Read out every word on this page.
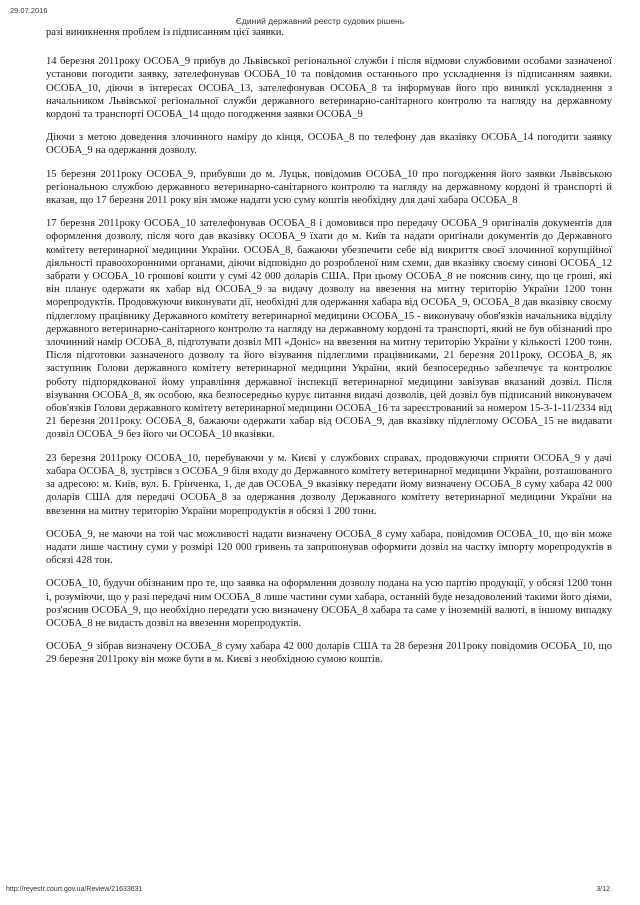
29.07.2016
Єдиний державний реєстр судових рішень

разі виникнення проблем із підписанням цієї заявки.

14 березня 2011року ОСОБА_9 прибув до Львівської регіональної служби і після відмови службовими особами зазначеної установи погодити заявку, зателефонував ОСОБА_10 та повідомив останнього про ускладнення із підписанням заявки. ОСОБА_10, діючи в інтересах ОСОБА_13, зателефонував ОСОБА_8 та інформував його про виниклі ускладнення з начальником Львівської регіональної служби державного ветеринарно-санітарного контролю та нагляду на державному кордоні та транспорті ОСОБА_14 щодо погодження заявки ОСОБА_9

Діючи з метою доведення злочинного наміру до кінця, ОСОБА_8 по телефону дав вказівку ОСОБА_14 погодити заявку ОСОБА_9 на одержання дозволу.

15 березня 2011року ОСОБА_9, прибувши до м. Луцьк, повідомив ОСОБА_10 про погодження його заявки Львівською регіональною службою державного ветеринарно-санітарного контролю та нагляду на державному кордоні й транспорті й вказав, що 17 березня 2011 року він зможе надати усю суму коштів необхідну для дачі хабара ОСОБА_8

17 березня 2011року ОСОБА_10 зателефонував ОСОБА_8 і домовився про передачу ОСОБА_9 оригіналів документів для оформлення дозволу, після чого дав вказівку ОСОБА_9 їхати до м. Київ та надати оригінали документів до Державного комітету ветеринарної медицини України. ОСОБА_8, бажаючи убезпечити себе від викриття своєї злочинної корупційної діяльності правоохоронними органами, діючи відповідно до розробленої ним схеми, дав вказівку своєму синові ОСОБА_12 забрати у ОСОБА_10 грошові кошти у сумі 42 000 доларів США. При цьому ОСОБА_8 не пояснив сину, що це гроші, які він планує одержати як хабар від ОСОБА_9 за видачу дозволу на ввезення на митну територію України 1200 тонн морепродуктів. Продовжуючи виконувати дії, необхідні для одержання хабара від ОСОБА_9, ОСОБА_8 дав вказівку своєму підлеглому працівнику Державного комітету ветеринарної медицини ОСОБА_15 - виконувачу обов'язків начальника відділу державного ветеринарно-санітарного контролю та нагляду на державному кордоні та транспорті, який не був обізнаний про злочинний намір ОСОБА_8, підготувати дозвіл МП «Доніс» на ввезення на митну територію України у кількості 1200 тонн. Після підготовки зазначеного дозволу та його візування підлеглими працівниками, 21 березня 2011року, ОСОБА_8, як заступник Голови державного комітету ветеринарної медицини України, який безпосередньо забезпечує та контролює роботу підпорядкованої йому управління державної інспекції ветеринарної медицини завізував вказаний дозвіл. Після візування ОСОБА_8, як особою, яка безпосередньо курує питання видачі дозволів, цей дозвіл був підписаний виконувачем обов'язків Голови державного комітету ветеринарної медицини ОСОБА_16 та зареєстрований за номером 15-3-1-11/2334 від 21 березня 2011року. ОСОБА_8, бажаючи одержати хабар від ОСОБА_9, дав вказівку підлеглому ОСОБА_15 не видавати дозвіл ОСОБА_9 без його чи ОСОБА_10 вказівки.

23 березня 2011року ОСОБА_10, перебуваючи у м. Києві у службових справах, продовжуючи сприяти ОСОБА_9 у дачі хабара ОСОБА_8, зустрівся з ОСОБА_9 біля входу до Державного комітету ветеринарної медицини України, розташованого за адресою: м. Київ, вул. Б. Грінченка, 1, де дав ОСОБА_9 вказівку передати йому визначену ОСОБА_8 суму хабара 42 000 доларів США для передачі ОСОБА_8 за одержання дозволу Державного комітету ветеринарної медицини України на ввезення на митну територію України морепродуктів в обсязі 1 200 тонн.

ОСОБА_9, не маючи на той час можливості надати визначену ОСОБА_8 суму хабара, повідомив ОСОБА_10, що він може надати лише частину суми у розмірі 120 000 гривень та запропонував оформити дозвіл на частку імпорту морепродуктів в обсязі 428 тон.

ОСОБА_10, будучи обізнаним про те, що заявка на оформлення дозволу подана на усю партію продукції, у обсязі 1200 тонн і, розуміючи, що у разі передачі ним ОСОБА_8 лише частини суми хабара, останній буде незадоволений такими його діями, роз'яснив ОСОБА_9, що необхідно передати усю визначену ОСОБА_8 хабара та саме у іноземній валюті, в іншому випадку ОСОБА_8 не видасть дозвіл на ввезення морепродуктів.

ОСОБА_9 зібрав визначену ОСОБА_8 суму хабара 42 000 доларів США та 28 березня 2011року повідомив ОСОБА_10, що 29 березня 2011року він може бути в м. Києві з необхідною сумою коштів.

http://reyestr.court.gov.ua/Review/21633631	3/12
